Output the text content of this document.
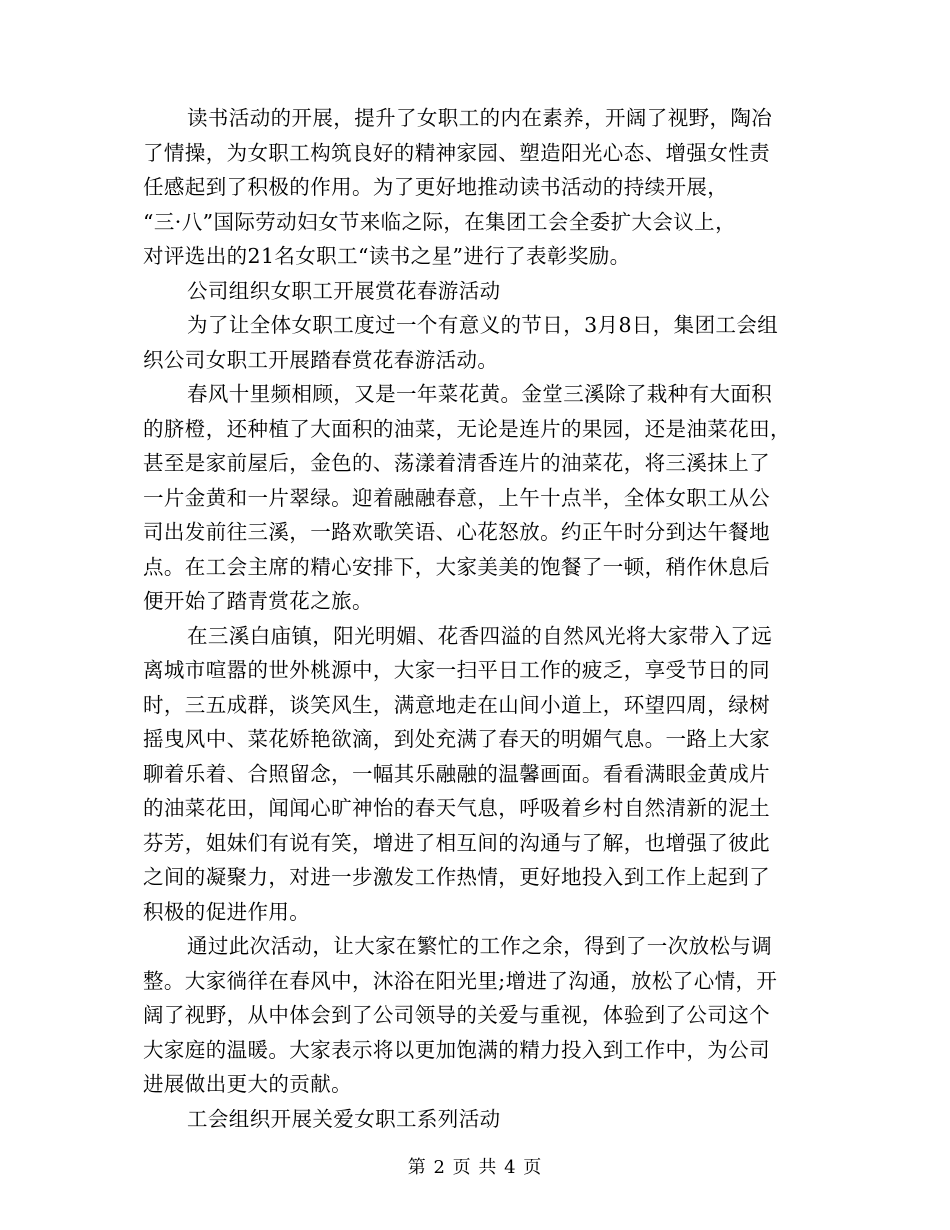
读书活动的开展，提升了女职工的内在素养，开阔了视野，陶冶
了情操，为女职工构筑良好的精神家园、塑造阳光心态、增强女性责
任感起到了积极的作用。为了更好地推动读书活动的持续开展，
“三·八”国际劳动妇女节来临之际，在集团工会全委扩大会议上，
对评选出的21名女职工“读书之星”进行了表彰奖励。
公司组织女职工开展赏花春游活动
为了让全体女职工度过一个有意义的节日，3月8日，集团工会组
织公司女职工开展踏春赏花春游活动。
春风十里频相顾，又是一年菜花黄。金堂三溪除了栽种有大面积
的脐橙，还种植了大面积的油菜，无论是连片的果园，还是油菜花田，
甚至是家前屋后，金色的、荡漾着清香连片的油菜花，将三溪抹上了
一片金黄和一片翠绿。迎着融融春意，上午十点半，全体女职工从公
司出发前往三溪，一路欢歌笑语、心花怒放。约正午时分到达午餐地
点。在工会主席的精心安排下，大家美美的饱餐了一顿，稍作休息后
便开始了踏青赏花之旅。
在三溪白庙镇，阳光明媚、花香四溢的自然风光将大家带入了远
离城市喧嚣的世外桃源中，大家一扫平日工作的疲乏，享受节日的同
时，三五成群，谈笑风生，满意地走在山间小道上，环望四周，绿树
摇曳风中、菜花娇艳欲滴，到处充满了春天的明媚气息。一路上大家
聊着乐着、合照留念，一幅其乐融融的温馨画面。看看满眼金黄成片
的油菜花田，闻闻心旷神怡的春天气息，呼吸着乡村自然清新的泥土
芬芳，姐妹们有说有笑，增进了相互间的沟通与了解，也增强了彼此
之间的凝聚力，对进一步激发工作热情，更好地投入到工作上起到了
积极的促进作用。
通过此次活动，让大家在繁忙的工作之余，得到了一次放松与调
整。大家徜徉在春风中，沐浴在阳光里;增进了沟通，放松了心情，开
阔了视野，从中体会到了公司领导的关爱与重视，体验到了公司这个
大家庭的温暖。大家表示将以更加饱满的精力投入到工作中，为公司
进展做出更大的贡献。
工会组织开展关爱女职工系列活动
第 2 页 共 4 页
